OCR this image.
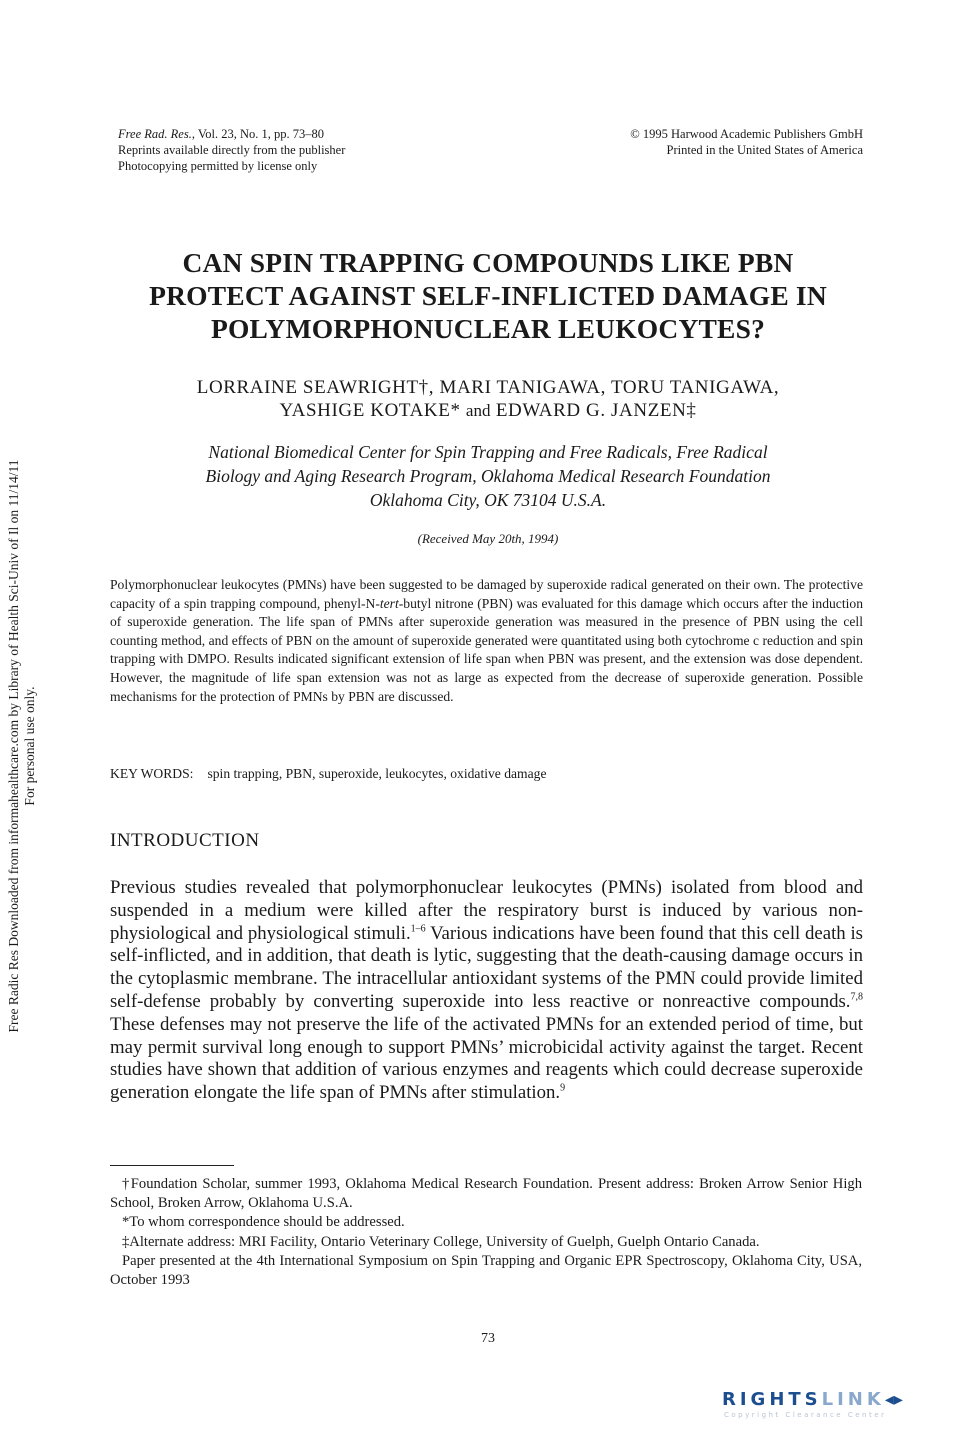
Free Rad. Res., Vol. 23, No. 1, pp. 73–80
Reprints available directly from the publisher
Photocopying permitted by license only
© 1995 Harwood Academic Publishers GmbH
Printed in the United States of America
CAN SPIN TRAPPING COMPOUNDS LIKE PBN
PROTECT AGAINST SELF-INFLICTED DAMAGE IN
POLYMORPHONUCLEAR LEUKOCYTES?
LORRAINE SEAWRIGHT†, MARI TANIGAWA, TORU TANIGAWA,
YASHIGE KOTAKE* and EDWARD G. JANZEN‡
National Biomedical Center for Spin Trapping and Free Radicals, Free Radical
Biology and Aging Research Program, Oklahoma Medical Research Foundation
Oklahoma City, OK 73104 U.S.A.
(Received May 20th, 1994)
Polymorphonuclear leukocytes (PMNs) have been suggested to be damaged by superoxide radical generated on their own. The protective capacity of a spin trapping compound, phenyl-N-tert-butyl nitrone (PBN) was evaluated for this damage which occurs after the induction of superoxide generation. The life span of PMNs after superoxide generation was measured in the presence of PBN using the cell counting method, and effects of PBN on the amount of superoxide generated were quantitated using both cytochrome c reduction and spin trapping with DMPO. Results indicated significant extension of life span when PBN was present, and the extension was dose dependent. However, the magnitude of life span extension was not as large as expected from the decrease of superoxide generation. Possible mechanisms for the protection of PMNs by PBN are discussed.
KEY WORDS: spin trapping, PBN, superoxide, leukocytes, oxidative damage
INTRODUCTION
Previous studies revealed that polymorphonuclear leukocytes (PMNs) isolated from blood and suspended in a medium were killed after the respiratory burst is induced by various non-physiological and physiological stimuli.$^{1-6}$ Various indications have been found that this cell death is self-inflicted, and in addition, that death is lytic, suggesting that the death-causing damage occurs in the cytoplasmic membrane. The intracellular antioxidant systems of the PMN could provide limited self-defense probably by converting superoxide into less reactive or nonreactive compounds.$^{7,8}$ These defenses may not preserve the life of the activated PMNs for an extended period of time, but may permit survival long enough to support PMNs’ microbicidal activity against the target. Recent studies have shown that addition of various enzymes and reagents which could decrease superoxide generation elongate the life span of PMNs after stimulation.$^9$

†Foundation Scholar, summer 1993, Oklahoma Medical Research Foundation. Present address: Broken Arrow Senior High School, Broken Arrow, Oklahoma U.S.A.

*To whom correspondence should be addressed.

‡Alternate address: MRI Facility, Ontario Veterinary College, University of Guelph, Guelph Ontario Canada.

Paper presented at the 4th International Symposium on Spin Trapping and Organic EPR Spectroscopy, Oklahoma City, USA, October 1993

73
Free Radic Res Downloaded from informahealthcare.com by Library of Health Sci-Univ of Il on 11/14/11 For personal use only.
RIGHTSLINK◂▸
Copyright Clearance Center
